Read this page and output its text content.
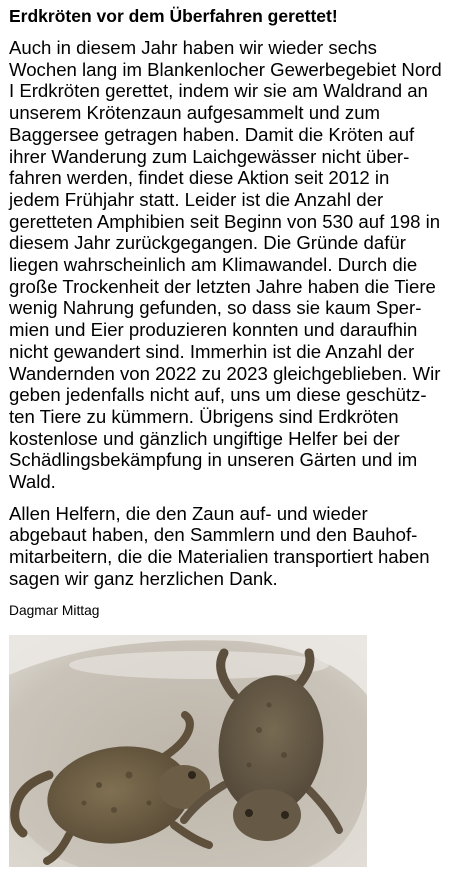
Erdkröten vor dem Überfahren gerettet!

Auch in diesem Jahr haben wir wieder sechs
Wochen lang im Blankenlocher Gewerbegebiet Nord
I Erdkröten gerettet, indem wir sie am Waldrand an
unserem Krötenzaun aufgesammelt und zum
Baggersee getragen haben. Damit die Kröten auf
ihrer Wanderung zum Laichgewässer nicht über-
fahren werden, findet diese Aktion seit 2012 in
jedem Frühjahr statt. Leider ist die Anzahl der
geretteten Amphibien seit Beginn von 530 auf 198 in
diesem Jahr zurückgegangen. Die Gründe dafür
liegen wahrscheinlich am Klimawandel. Durch die
große Trockenheit der letzten Jahre haben die Tiere
wenig Nahrung gefunden, so dass sie kaum Sper-
mien und Eier produzieren konnten und daraufhin
nicht gewandert sind. Immerhin ist die Anzahl der
Wandernden von 2022 zu 2023 gleichgeblieben. Wir
geben jedenfalls nicht auf, uns um diese geschütz-
ten Tiere zu kümmern. Übrigens sind Erdkröten
kostenlose und gänzlich ungiftige Helfer bei der
Schädlingsbekämpfung in unseren Gärten und im
Wald.

Allen Helfern, die den Zaun auf- und wieder
abgebaut haben, den Sammlern und den Bauhof-
mitarbeitern, die die Materialien transportiert haben
sagen wir ganz herzlichen Dank.

Dagmar Mittag
